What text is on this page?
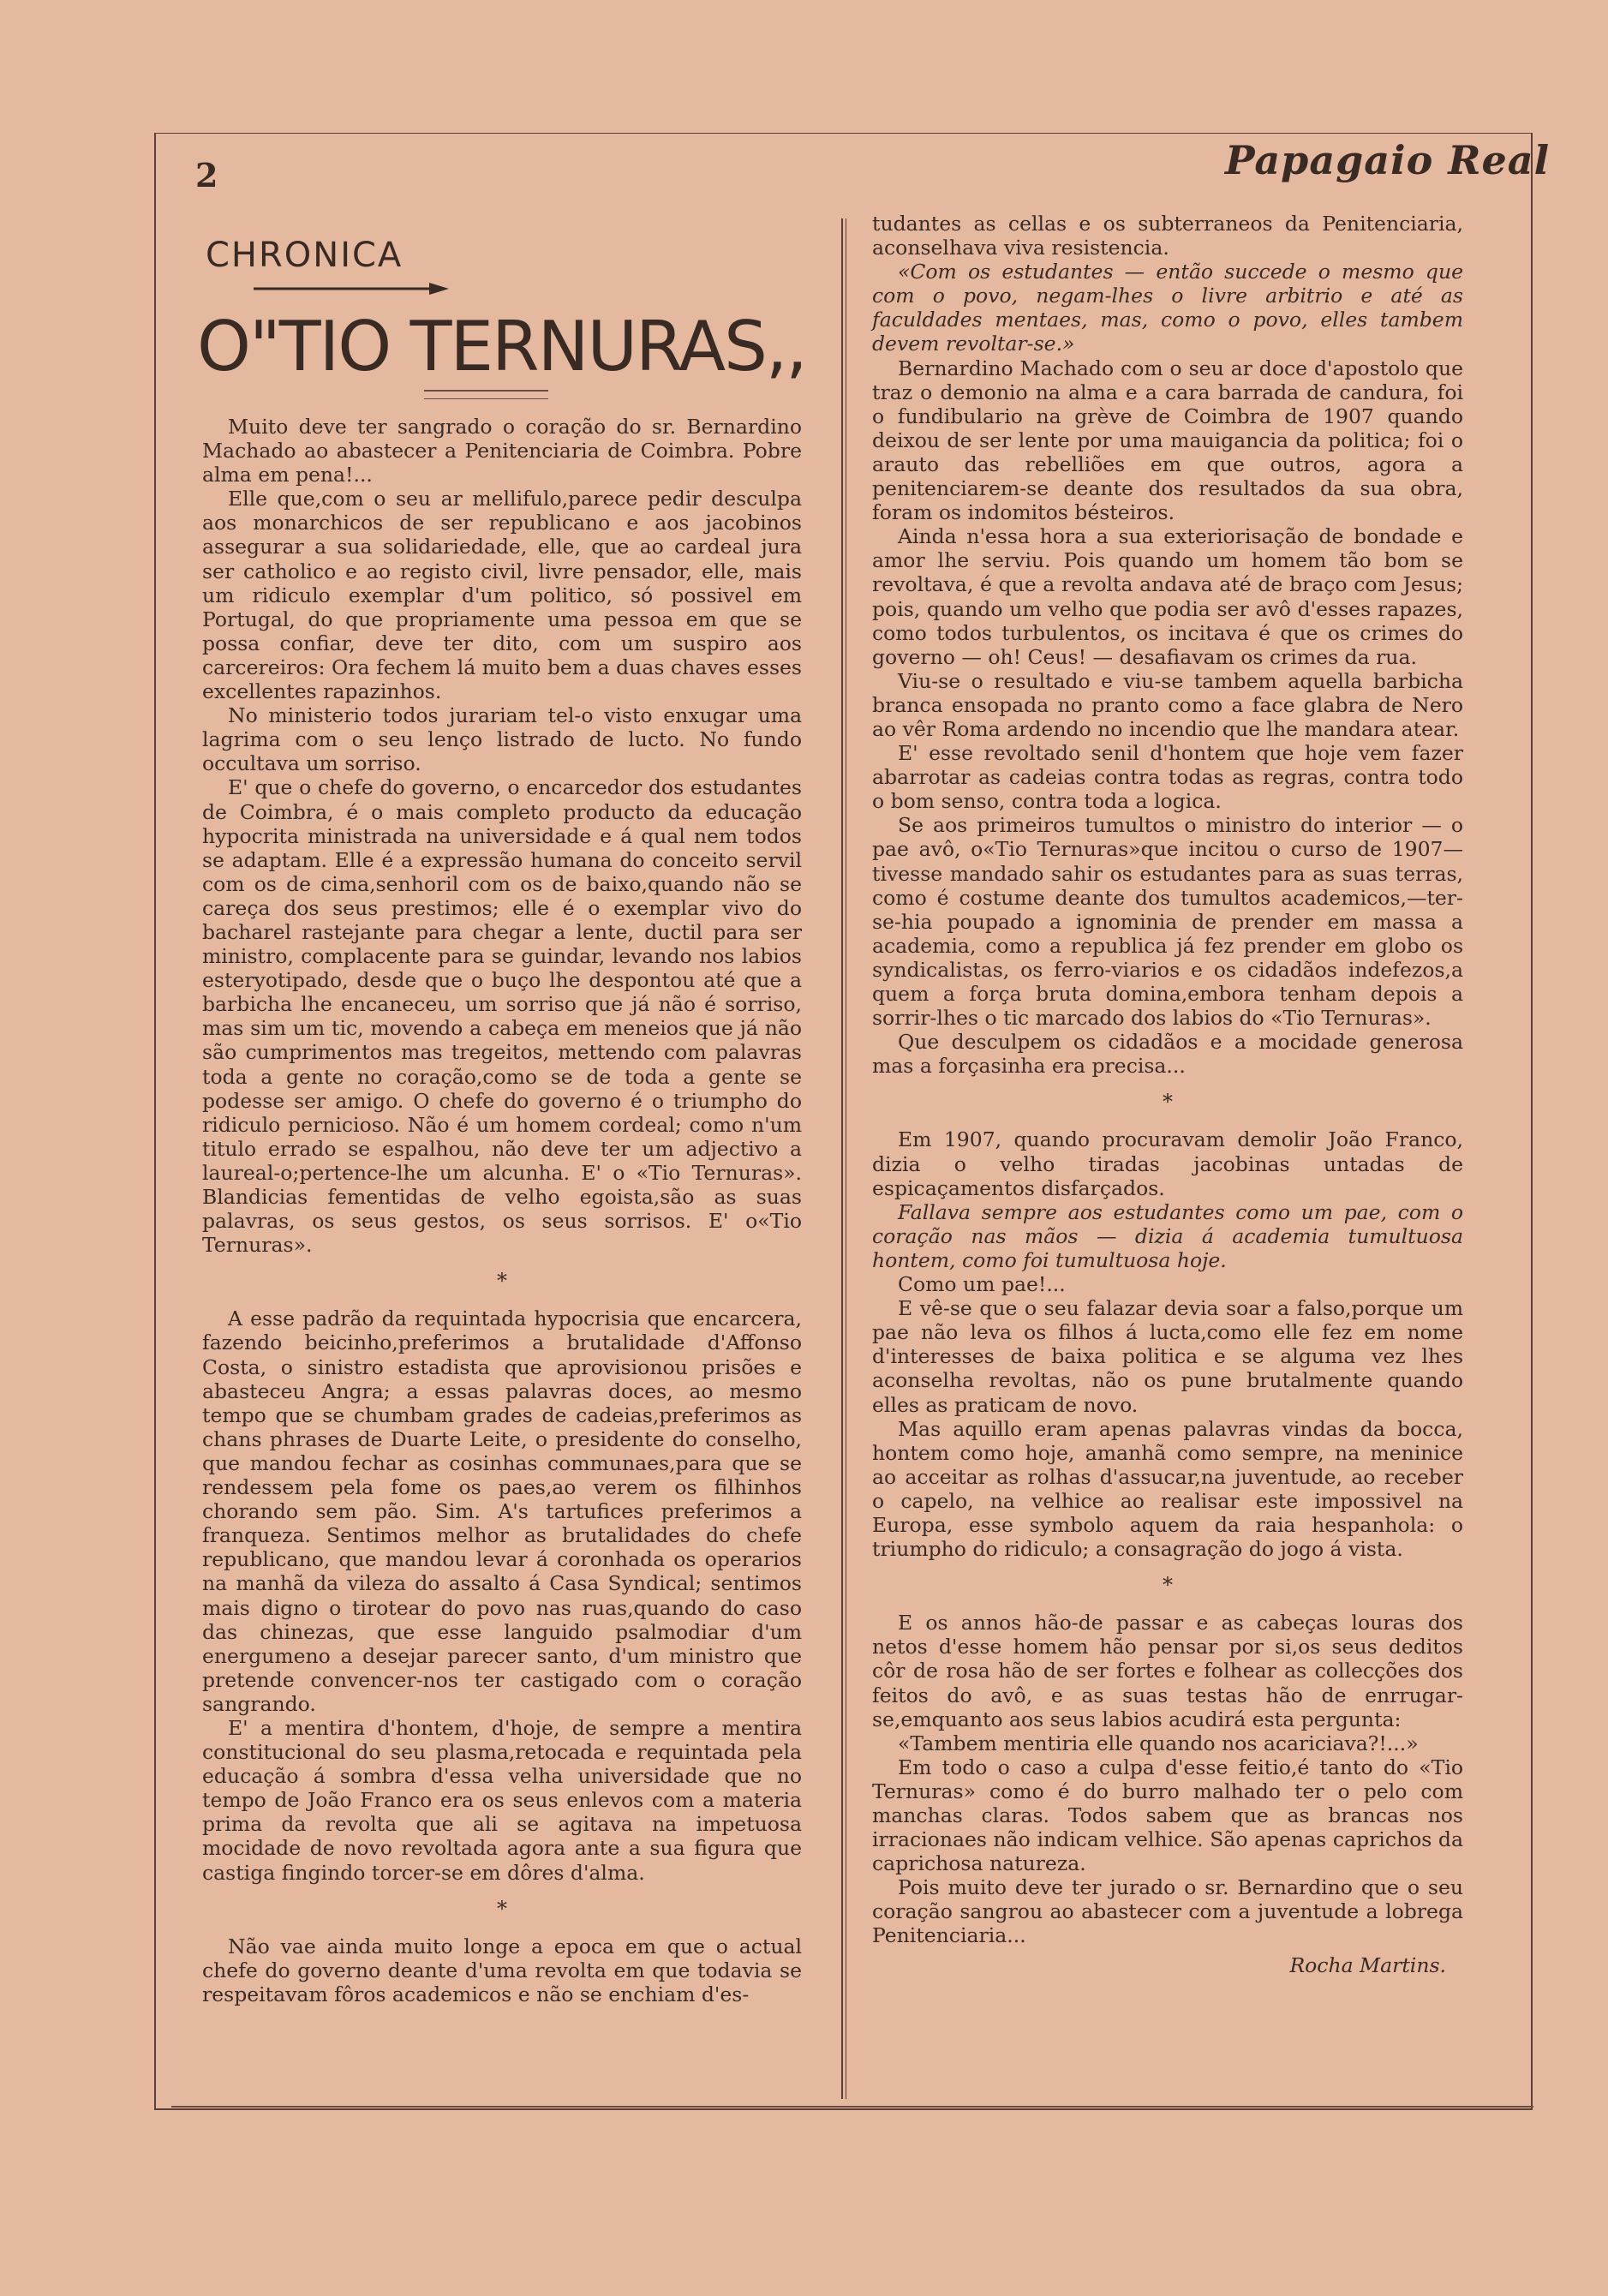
2	Papagaio Real
CHRONICA
O"TIO TERNURAS,,

Muito deve ter sangrado o coração do sr. Bernardino Machado ao abastecer a Penitenciaria de Coimbra. Pobre alma em pena!...

Elle que,com o seu ar mellifulo,parece pedir desculpa aos monarchicos de ser republicano e aos jacobinos assegurar a sua solidariedade, elle, que ao cardeal jura ser catholico e ao registo civil, livre pensador, elle, mais um ridiculo exemplar d'um politico, só possivel em Portugal, do que propriamente uma pessoa em que se possa confiar, deve ter dito, com um suspiro aos carcereiros: Ora fechem lá muito bem a duas chaves esses excellentes rapazinhos.

No ministerio todos jurariam tel-o visto enxugar uma lagrima com o seu lenço listrado de lucto. No fundo occultava um sorriso.

E' que o chefe do governo, o encarcedor dos estudantes de Coimbra, é o mais completo producto da educação hypocrita ministrada na universidade e á qual nem todos se adaptam. Elle é a expressão humana do conceito servil com os de cima,senhoril com os de baixo,quando não se careça dos seus prestimos; elle é o exemplar vivo do bacharel rastejante para chegar a lente, ductil para ser ministro, complacente para se guindar, levando nos labios esteryotipado, desde que o buço lhe despontou até que a barbicha lhe encaneceu, um sorriso que já não é sorriso, mas sim um tic, movendo a cabeça em meneios que já não são cumprimentos mas tregeitos, mettendo com palavras toda a gente no coração,como se de toda a gente se podesse ser amigo. O chefe do governo é o triumpho do ridiculo pernicioso. Não é um homem cordeal; como n'um titulo errado se espalhou, não deve ter um adjectivo a laureal-o;pertence-lhe um alcunha. E' o «Tio Ternuras». Blandicias fementidas de velho egoista,são as suas palavras, os seus gestos, os seus sorrisos. E' o«Tio Ternuras».

*

A esse padrão da requintada hypocrisia que encarcera, fazendo beicinho,preferimos a brutalidade d'Affonso Costa, o sinistro estadista que aprovisionou prisões e abasteceu Angra; a essas palavras doces, ao mesmo tempo que se chumbam grades de cadeias,preferimos as chans phrases de Duarte Leite, o presidente do conselho, que mandou fechar as cosinhas communaes,para que se rendessem pela fome os paes,ao verem os filhinhos chorando sem pão. Sim. A's tartufices preferimos a franqueza. Sentimos melhor as brutalidades do chefe republicano, que mandou levar á coronhada os operarios na manhã da vileza do assalto á Casa Syndical; sentimos mais digno o tirotear do povo nas ruas,quando do caso das chinezas, que esse languido psalmodiar d'um energumeno a desejar parecer santo, d'um ministro que pretende convencer-nos ter castigado com o coração sangrando.

E' a mentira d'hontem, d'hoje, de sempre a mentira constitucional do seu plasma,retocada e requintada pela educação á sombra d'essa velha universidade que no tempo de João Franco era os seus enlevos com a materia prima da revolta que ali se agitava na impetuosa mocidade de novo revoltada agora ante a sua figura que castiga fingindo torcer-se em dôres d'alma.

*

Não vae ainda muito longe a epoca em que o actual chefe do governo deante d'uma revolta em que todavia se respeitavam fôros academicos e não se enchiam d'es-

tudantes as cellas e os subterraneos da Penitenciaria, aconselhava viva resistencia.

«Com os estudantes — então succede o mesmo que com o povo, negam-lhes o livre arbitrio e até as faculdades mentaes, mas, como o povo, elles tambem devem revoltar-se.»

Bernardino Machado com o seu ar doce d'apostolo que traz o demonio na alma e a cara barrada de candura, foi o fundibulario na grève de Coimbra de 1907 quando deixou de ser lente por uma mauigancia da politica; foi o arauto das rebelliões em que outros, agora a penitenciarem-se deante dos resultados da sua obra, foram os indomitos bésteiros.

Ainda n'essa hora a sua exteriorisação de bondade e amor lhe serviu. Pois quando um homem tão bom se revoltava, é que a revolta andava até de braço com Jesus; pois, quando um velho que podia ser avô d'esses rapazes, como todos turbulentos, os incitava é que os crimes do governo — oh! Ceus! — desafiavam os crimes da rua.

Viu-se o resultado e viu-se tambem aquella barbicha branca ensopada no pranto como a face glabra de Nero ao vêr Roma ardendo no incendio que lhe mandara atear.

E' esse revoltado senil d'hontem que hoje vem fazer abarrotar as cadeias contra todas as regras, contra todo o bom senso, contra toda a logica.

Se aos primeiros tumultos o ministro do interior — o pae avô, o«Tio Ternuras»que incitou o curso de 1907—tivesse mandado sahir os estudantes para as suas terras, como é costume deante dos tumultos academicos,—ter-se-hia poupado a ignominia de prender em massa a academia, como a republica já fez prender em globo os syndicalistas, os ferro-viarios e os cidadãos indefezos,a quem a força bruta domina,embora tenham depois a sorrir-lhes o tic marcado dos labios do «Tio Ternuras».

Que desculpem os cidadãos e a mocidade generosa mas a forçasinha era precisa...

*

Em 1907, quando procuravam demolir João Franco, dizia o velho tiradas jacobinas untadas de espicaçamentos disfarçados.

Fallava sempre aos estudantes como um pae, com o coração nas mãos — dizia á academia tumultuosa hontem, como foi tumultuosa hoje.

Como um pae!...

E vê-se que o seu falazar devia soar a falso,porque um pae não leva os filhos á lucta,como elle fez em nome d'interesses de baixa politica e se alguma vez lhes aconselha revoltas, não os pune brutalmente quando elles as praticam de novo.

Mas aquillo eram apenas palavras vindas da bocca, hontem como hoje, amanhã como sempre, na meninice ao acceitar as rolhas d'assucar,na juventude, ao receber o capelo, na velhice ao realisar este impossivel na Europa, esse symbolo aquem da raia hespanhola: o triumpho do ridiculo; a consagração do jogo á vista.

*

E os annos hão-de passar e as cabeças louras dos netos d'esse homem hão pensar por si,os seus deditos côr de rosa hão de ser fortes e folhear as collecções dos feitos do avô, e as suas testas hão de enrrugar-se,emquanto aos seus labios acudirá esta pergunta:

«Tambem mentiria elle quando nos acariciava?!...»

Em todo o caso a culpa d'esse feitio,é tanto do «Tio Ternuras» como é do burro malhado ter o pelo com manchas claras. Todos sabem que as brancas nos irracionaes não indicam velhice. São apenas caprichos da caprichosa natureza.

Pois muito deve ter jurado o sr. Bernardino que o seu coração sangrou ao abastecer com a juventude a lobrega Penitenciaria...

Rocha Martins.
